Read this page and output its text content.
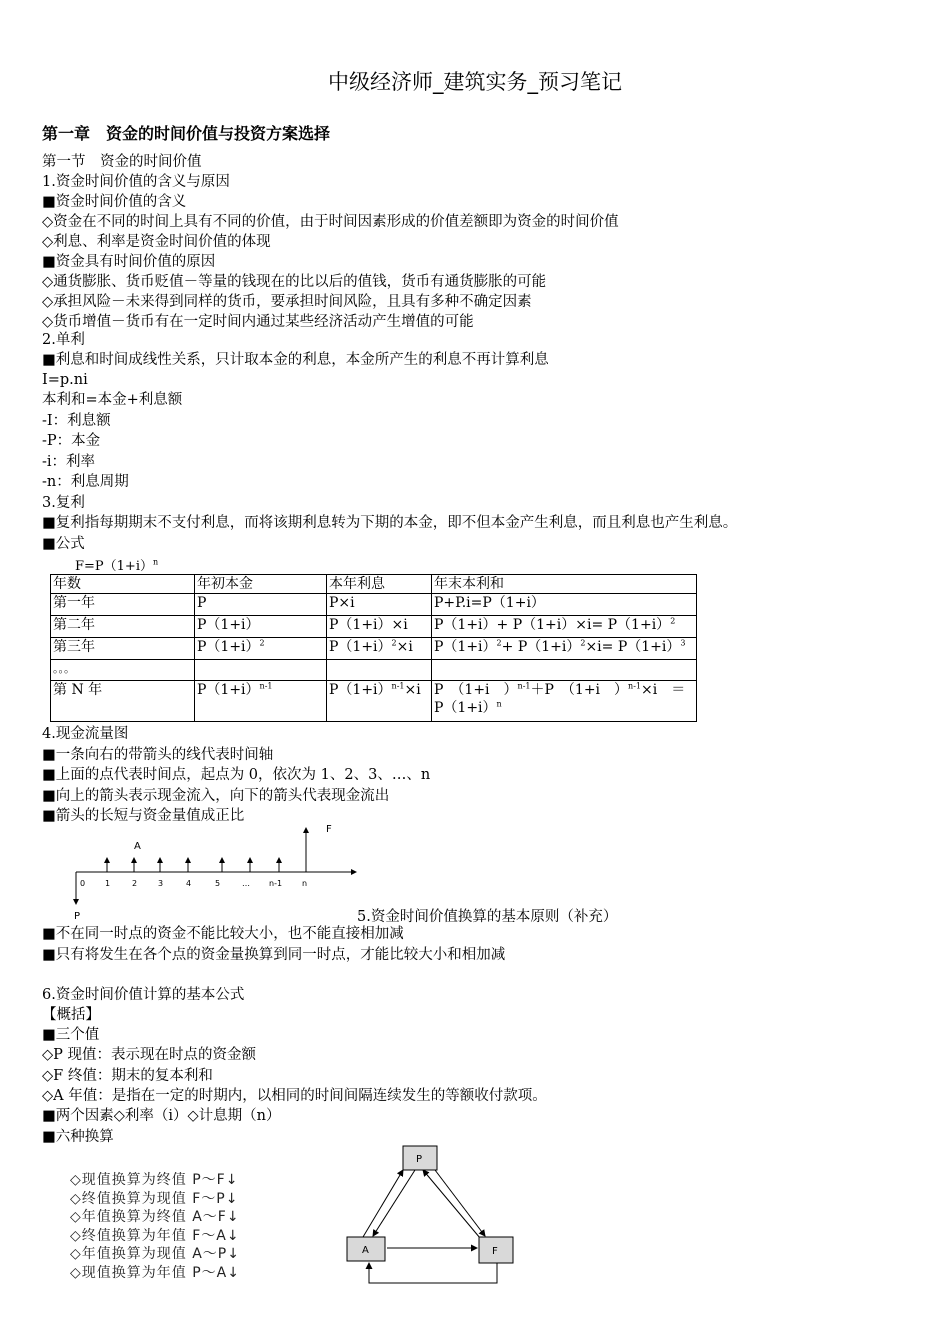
中级经济师_建筑实务_预习笔记
第一章　资金的时间价值与投资方案选择
第一节　资金的时间价值
1.资金时间价值的含义与原因
■资金时间价值的含义
◇资金在不同的时间上具有不同的价值，由于时间因素形成的价值差额即为资金的时间价值
◇利息、利率是资金时间价值的体现
■资金具有时间价值的原因
◇通货膨胀、货币贬值－等量的钱现在的比以后的值钱，货币有通货膨胀的可能
◇承担风险－未来得到同样的货币，要承担时间风险，且具有多种不确定因素
◇货币增值－货币有在一定时间内通过某些经济活动产生增值的可能
2.单利
■利息和时间成线性关系，只计取本金的利息，本金所产生的利息不再计算利息
I=p.ni
本利和=本金+利息额
-I：利息额
-P：本金
-i：利率
-n：利息周期
3.复利
■复利指每期期末不支付利息，而将该期利息转为下期的本金，即不但本金产生利息，而且利息也产生利息。
■公式
$F=P(1+i)^n$
年数	年初本金	本年利息	年末本利和
第一年	P	P×i	P+P.i=P（1+i）
第二年	P（1+i）	P（1+i）×i	$P(1+i)+ P(1+i)\times i= P(1+i)^2$
第三年	$P(1+i)^2$	$P(1+i)^2\times i$	$P(1+i)^2+ P(1+i)^2\times i= P(1+i)^3$
。。。			
第 N 年	$P(1+i)^{n-1}$	$P(1+i)^{n-1}\times i$	P　（1+i　）$^{n-1}$＋P　（1+i　）$^{n-1}$×i　＝
$P(1+i)^n$
4.现金流量图
■一条向右的带箭头的线代表时间轴
■上面的点代表时间点，起点为 0，依次为 1、2、3、…、n
■向上的箭头表示现金流入，向下的箭头代表现金流出
■箭头的长短与资金量值成正比
F
A
P
0 1	2	3	4	5	… n-1 n
5.资金时间价值换算的基本原则（补充）
■不在同一时点的资金不能比较大小，也不能直接相加减
■只有将发生在各个点的资金量换算到同一时点，才能比较大小和相加减
6.资金时间价值计算的基本公式
【概括】
■三个值
◇P 现值：表示现在时点的资金额
◇F 终值：期末的复本利和
◇A 年值：是指在一定的时期内，以相同的时间间隔连续发生的等额收付款项。
■两个因素◇利率（i）◇计息期（n）
■六种换算
◇现值换算为终值 P～F↓
◇终值换算为现值 F～P↓
◇年值换算为终值 A～F↓
◇终值换算为年值 F～A↓
◇年值换算为现值 A～P↓
◇现值换算为年值 P～A↓
P
A	F
